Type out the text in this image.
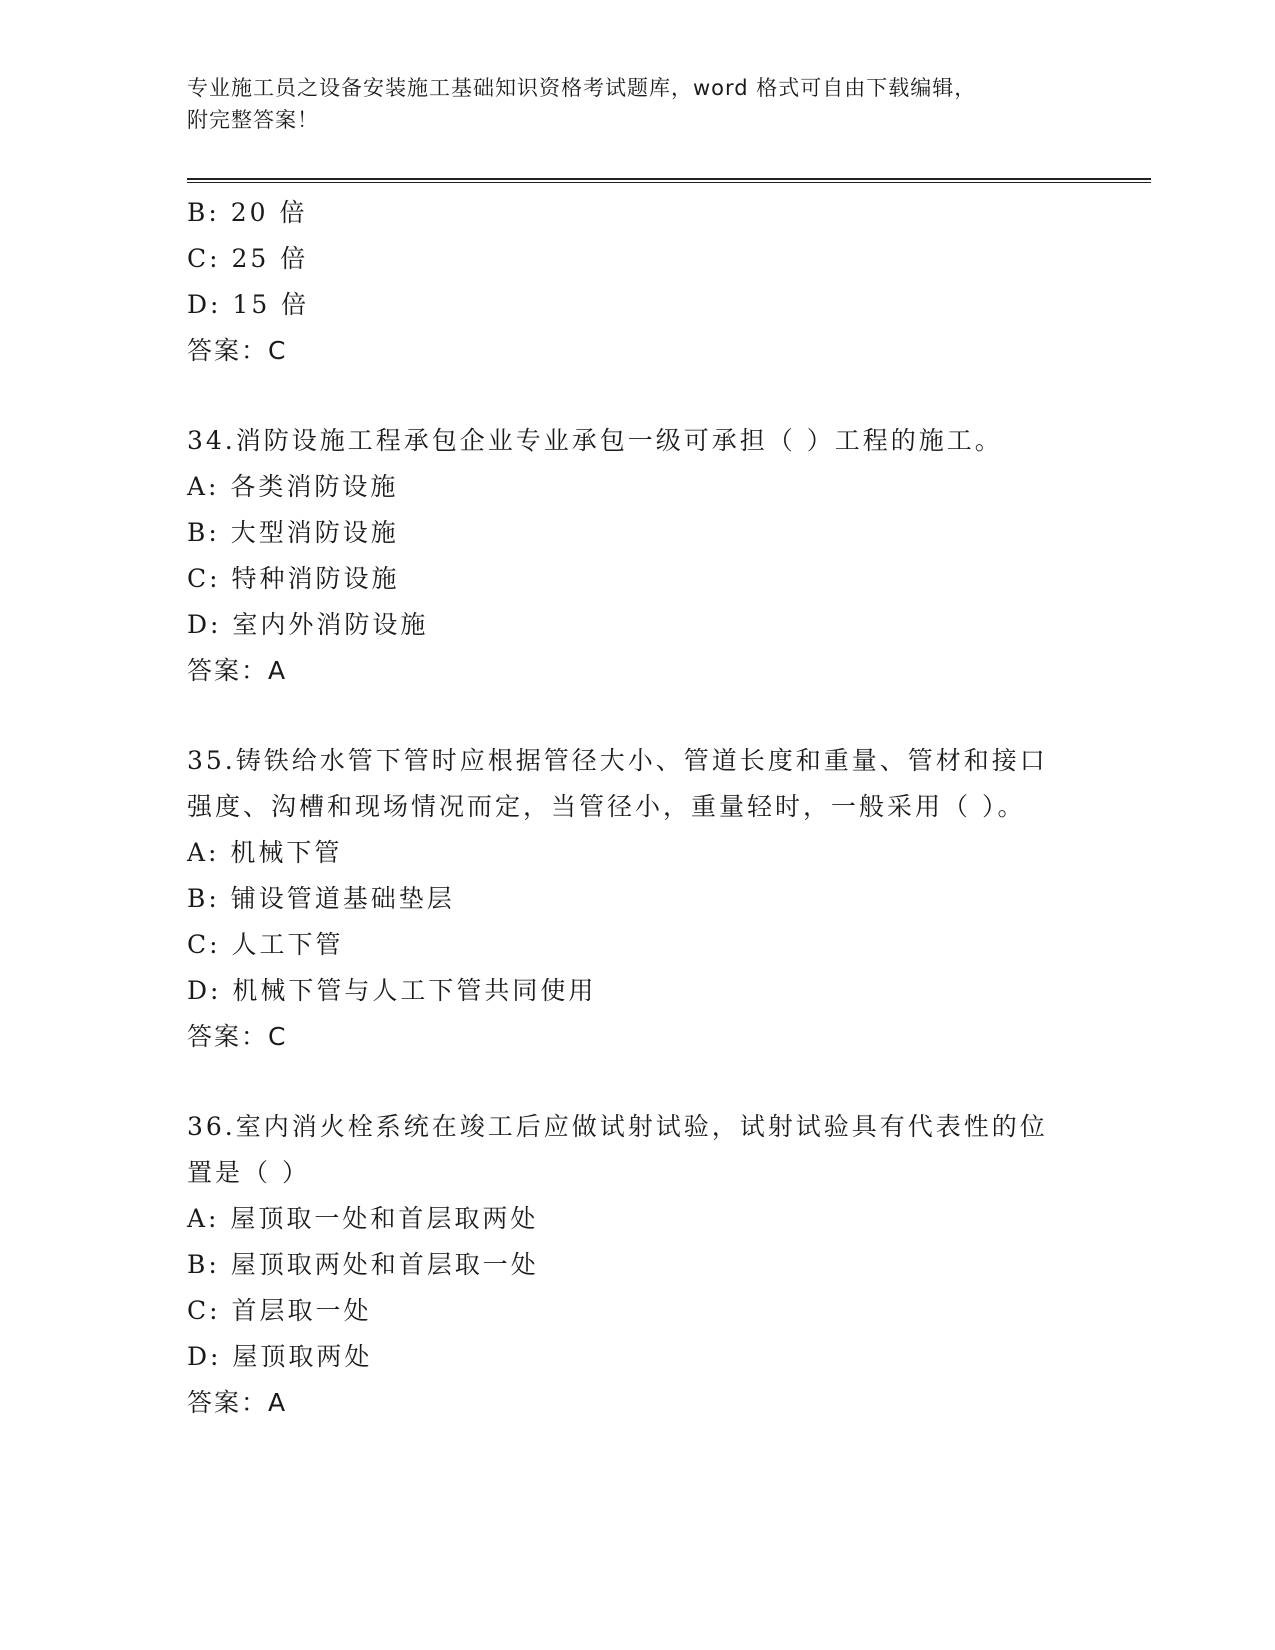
专业施工员之设备安装施工基础知识资格考试题库，word 格式可自由下载编辑，
附完整答案！
B: 20 倍
C: 25 倍
D: 15 倍
答案：C
34.消防设施工程承包企业专业承包一级可承担（ ）工程的施工。
A: 各类消防设施
B: 大型消防设施
C: 特种消防设施
D: 室内外消防设施
答案：A
35.铸铁给水管下管时应根据管径大小、管道长度和重量、管材和接口
强度、沟槽和现场情况而定，当管径小，重量轻时，一般采用（ ）。
A: 机械下管
B: 铺设管道基础垫层
C: 人工下管
D: 机械下管与人工下管共同使用
答案：C
36.室内消火栓系统在竣工后应做试射试验，试射试验具有代表性的位
置是（ ）
A: 屋顶取一处和首层取两处
B: 屋顶取两处和首层取一处
C: 首层取一处
D: 屋顶取两处
答案：A
